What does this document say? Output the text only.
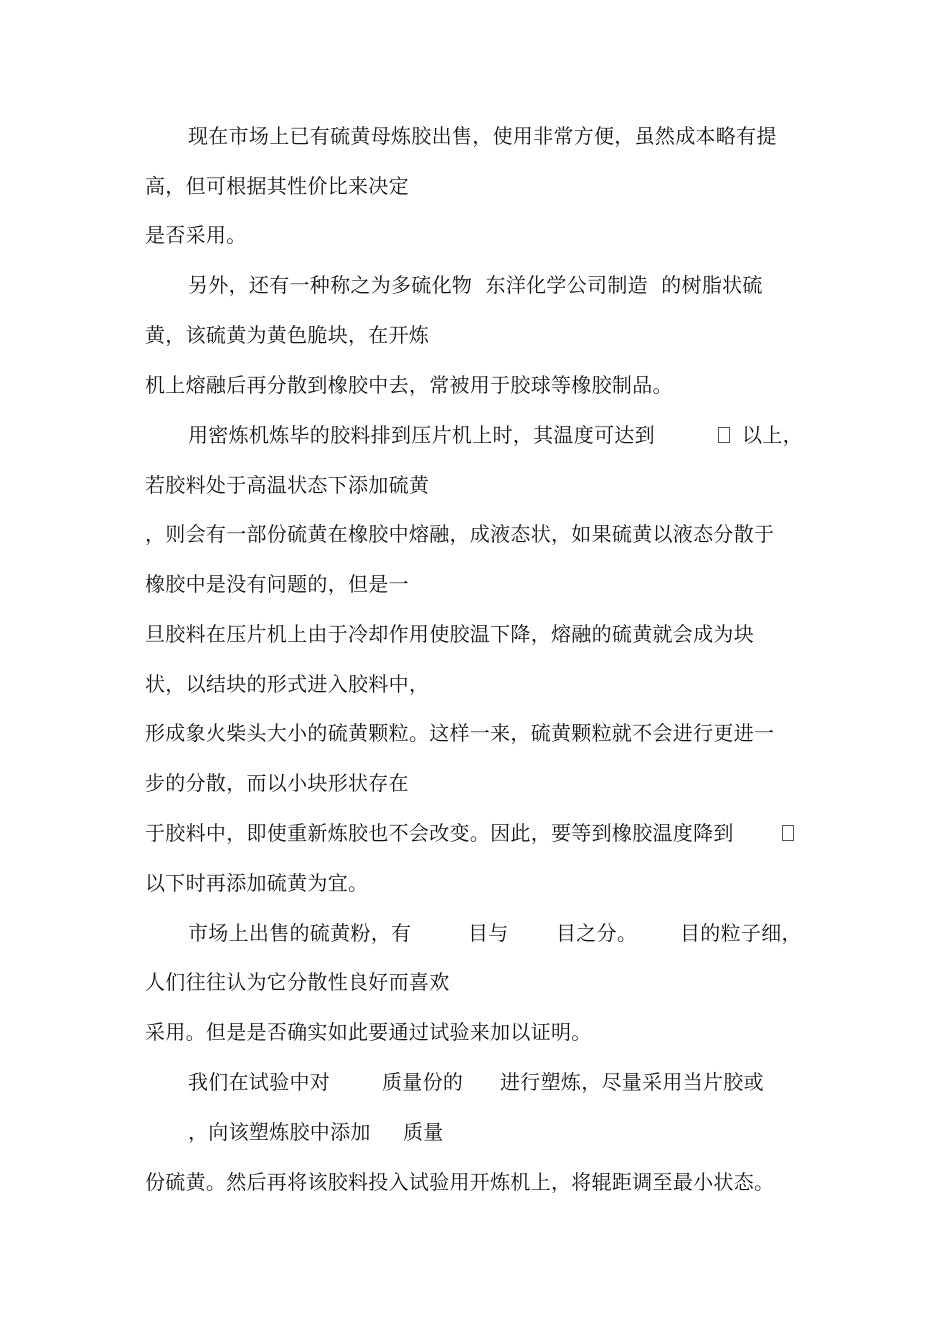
现在市场上已有硫黄母炼胶出售，使用非常方便，虽然成本略有提
高，但可根据其性价比来决定
是否采用。
另外，还有一种称之为多硫化物  东洋化学公司制造  的树脂状硫
黄，该硫黄为黄色脆块，在开炼
机上熔融后再分散到橡胶中去，常被用于胶球等橡胶制品。
用密炼机炼毕的胶料排到压片机上时，其温度可达到	以上，
若胶料处于高温状态下添加硫黄
，则会有一部份硫黄在橡胶中熔融，成液态状，如果硫黄以液态分散于
橡胶中是没有问题的，但是一
旦胶料在压片机上由于冷却作用使胶温下降，熔融的硫黄就会成为块
状，以结块的形式进入胶料中，
形成象火柴头大小的硫黄颗粒。这样一来，硫黄颗粒就不会进行更进一
步的分散，而以小块形状存在
于胶料中，即使重新炼胶也不会改变。因此，要等到橡胶温度降到
以下时再添加硫黄为宜。
市场上出售的硫黄粉，有	目与 目之分。 目的粒子细，
人们往往认为它分散性良好而喜欢
采用。但是是否确实如此要通过试验来加以证明。
我们在试验中对	质量份的 进行塑炼，尽量采用当片胶或
，向该塑炼胶中添加 质量
份硫黄。然后再将该胶料投入试验用开炼机上，将辊距调至最小状态。
